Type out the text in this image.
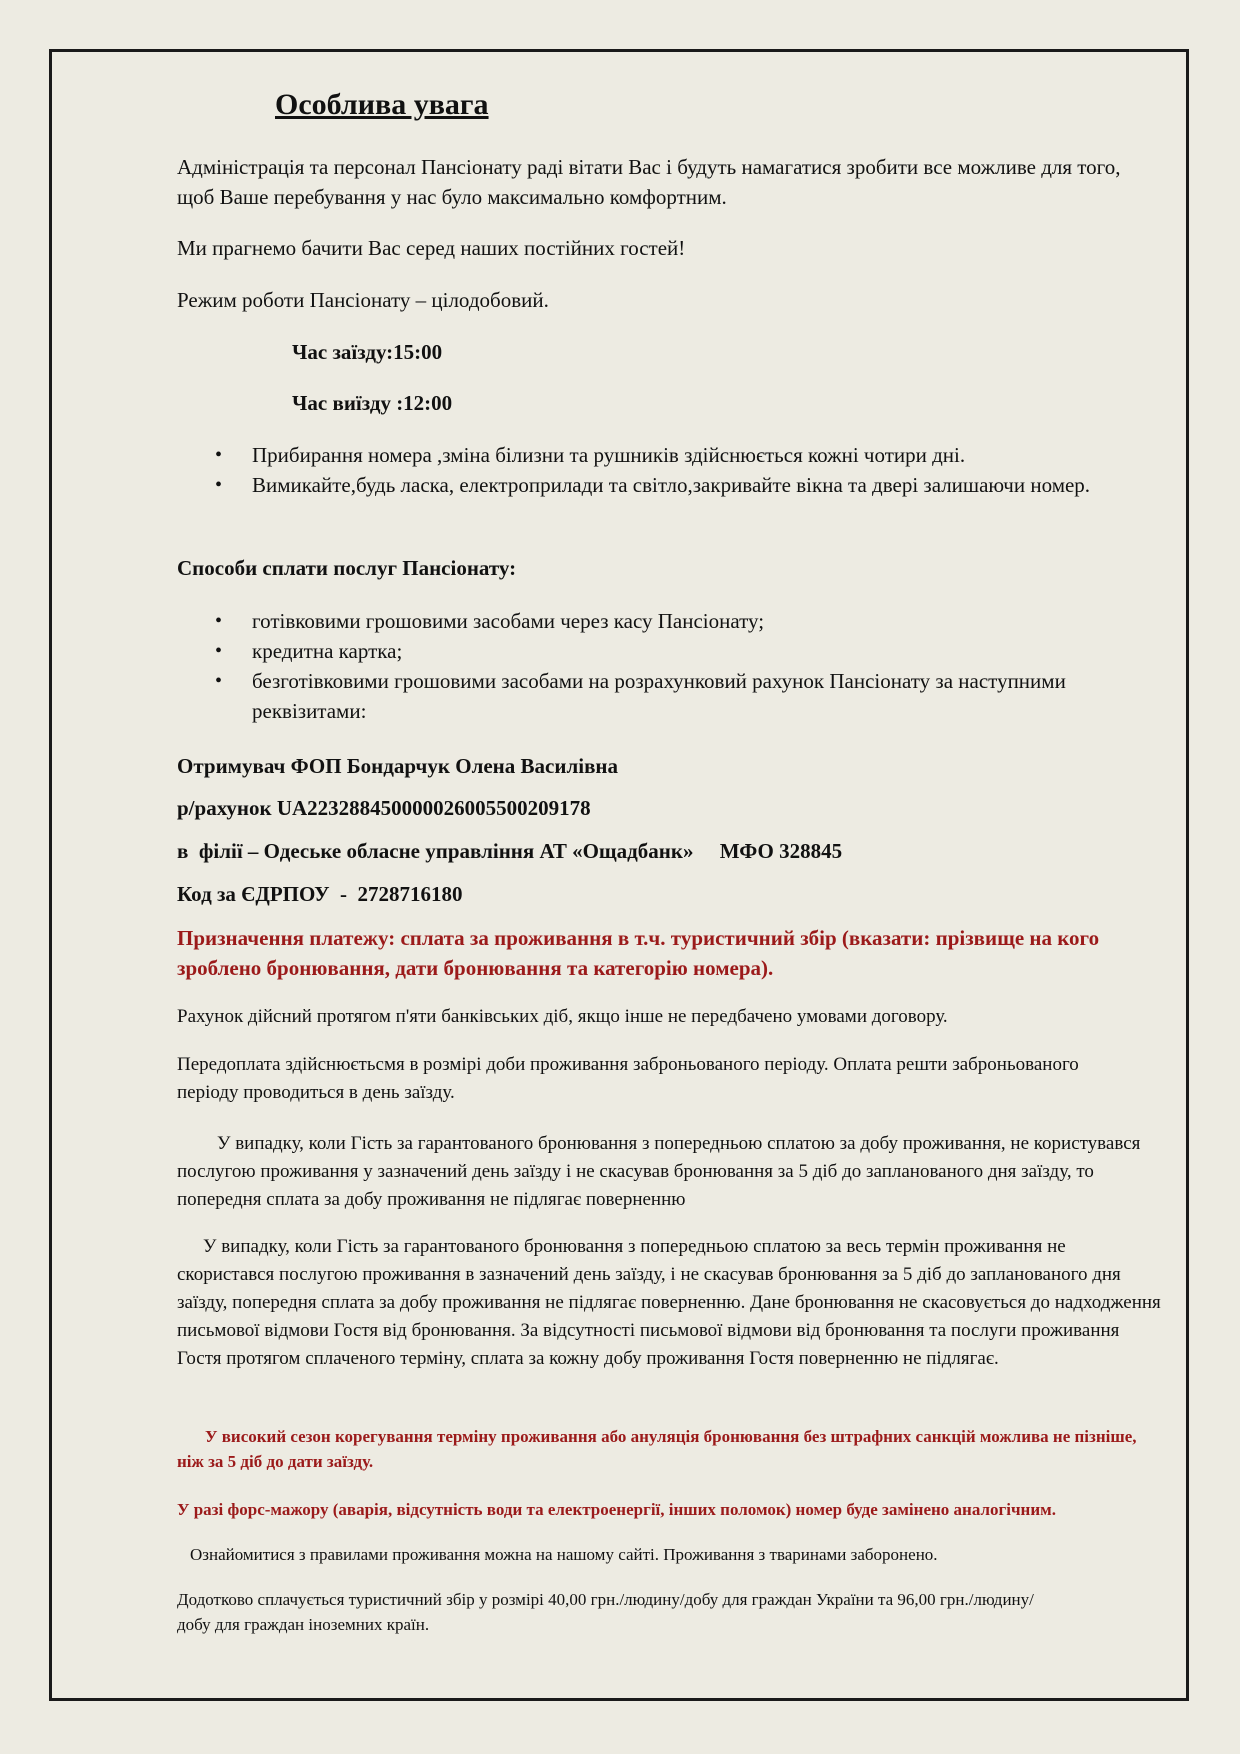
Особлива увага

Адміністрація та персонал Пансіонату раді вітати Вас і будуть намагатися зробити все можливе для того, щоб Ваше перебування у нас було максимально комфортним.

Ми прагнемо бачити Вас серед наших постійних гостей!

Режим роботи Пансіонату – цілодобовий.

Час заїзду:15:00

Час виїзду :12:00

• Прибирання номера ,зміна білизни та рушників здійснюється кожні чотири дні.
• Вимикайте,будь ласка, електроприлади та світло,закривайте вікна та двері залишаючи номер.

Способи сплати послуг Пансіонату:

• готівковими грошовими засобами через касу Пансіонату;
• кредитна картка;
• безготівковими грошовими засобами на розрахунковий рахунок Пансіонату за наступними реквізитами:

Отримувач ФОП Бондарчук Олена Василівна

р/рахунок UA223288450000026005500209178

в  філії – Одеське обласне управління АТ «Ощадбанк»     МФО 328845

Код за ЄДРПОУ  -  2728716180

Призначення платежу: сплата за проживання в т.ч. туристичний збір (вказати: прізвище на кого зроблено бронювання, дати бронювання та категорію номера).

Рахунок дійсний протягом п'яти банківських діб, якщо інше не передбачено умовами договору.

Передоплата здійснюєтьсмя в розмірі доби проживання заброньованого періоду. Оплата решти заброньованого періоду проводиться в день заїзду.

У випадку, коли Гість за гарантованого бронювання з попередньою сплатою за добу проживання, не користувався послугою проживання у зазначений день заїзду і не скасував бронювання за 5 діб до запланованого дня заїзду, то попередня сплата за добу проживання не підлягає поверненню

У випадку, коли Гість за гарантованого бронювання з попередньою сплатою за весь термін проживання не скористався послугою проживання в зазначений день заїзду, і не скасував бронювання за 5 діб до запланованого дня заїзду, попередня сплата за добу проживання не підлягає поверненню. Дане бронювання не скасовується до надходження письмової відмови Гостя від бронювання. За відсутності письмової відмови від бронювання та послуги проживання Гостя протягом сплаченого терміну, сплата за кожну добу проживання Гостя поверненню не підлягає.

У високий сезон корегування терміну проживання або ануляція бронювання без штрафних санкцій можлива не пізніше, ніж за 5 діб до дати заїзду.

У разі форс-мажору (аварія, відсутність води та електроенергії, інших поломок) номер буде замінено аналогічним.

Ознайомитися з правилами проживання можна на нашому сайті. Проживання з тваринами заборонено.

Додотково сплачується туристичний збір у розмірі 40,00 грн./людину/добу для граждан України та 96,00 грн./людину/добу для граждан іноземних країн.
